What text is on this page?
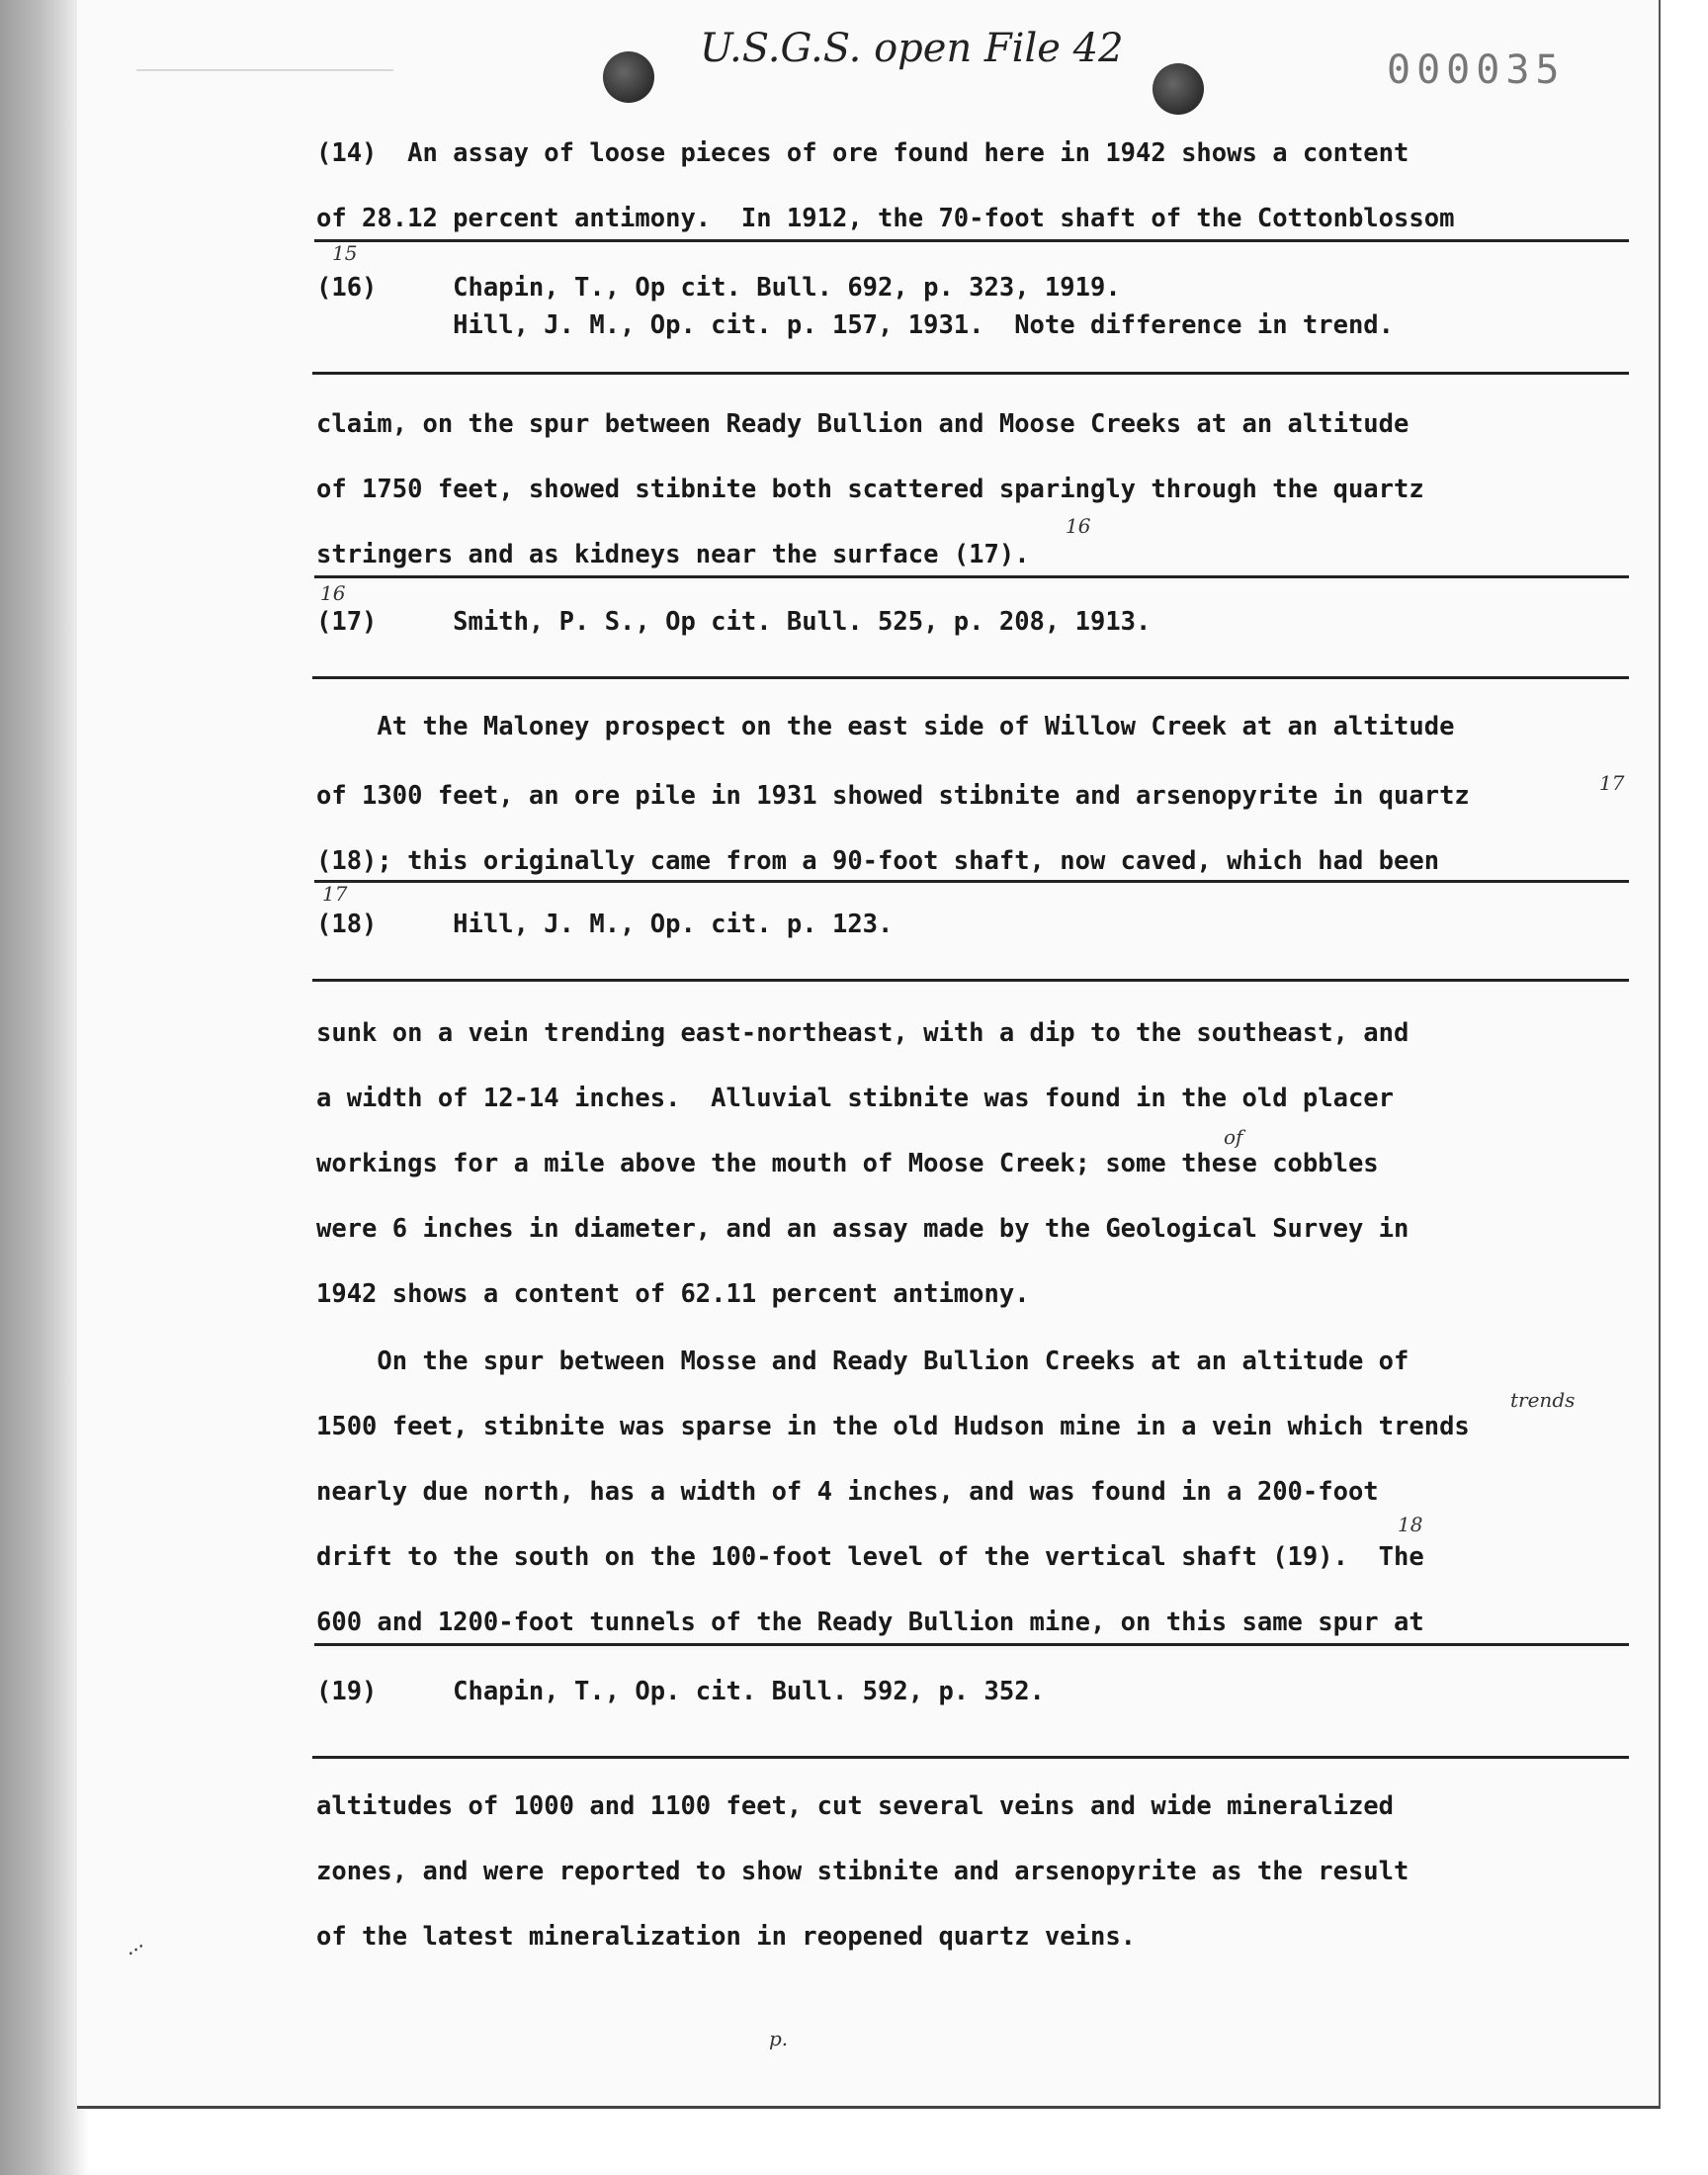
U.S.G.S. open File 42	000035
(14)  An assay of loose pieces of ore found here in 1942 shows a content
of 28.12 percent antimony.  In 1912, the 70-foot shaft of the Cottonblossom
(16)     Chapin, T., Op cit. Bull. 692, p. 323, 1919.
Hill, J. M., Op. cit. p. 157, 1931.  Note difference in trend.
claim, on the spur between Ready Bullion and Moose Creeks at an altitude
of 1750 feet, showed stibnite both scattered sparingly through the quartz
stringers and as kidneys near the surface (17).
(17)     Smith, P. S., Op cit. Bull. 525, p. 208, 1913.
At the Maloney prospect on the east side of Willow Creek at an altitude
of 1300 feet, an ore pile in 1931 showed stibnite and arsenopyrite in quartz
(18); this originally came from a 90-foot shaft, now caved, which had been
(18)     Hill, J. M., Op. cit. p. 123.
sunk on a vein trending east-northeast, with a dip to the southeast, and
a width of 12-14 inches.  Alluvial stibnite was found in the old placer
workings for a mile above the mouth of Moose Creek; some these cobbles
were 6 inches in diameter, and an assay made by the Geological Survey in
1942 shows a content of 62.11 percent antimony.
On the spur between Mosse and Ready Bullion Creeks at an altitude of
1500 feet, stibnite was sparse in the old Hudson mine in a vein which trends
nearly due north, has a width of 4 inches, and was found in a 200-foot
drift to the south on the 100-foot level of the vertical shaft (19).  The
600 and 1200-foot tunnels of the Ready Bullion mine, on this same spur at
(19)     Chapin, T., Op. cit. Bull. 592, p. 352.
altitudes of 1000 and 1100 feet, cut several veins and wide mineralized
zones, and were reported to show stibnite and arsenopyrite as the result
of the latest mineralization in reopened quartz veins.
15
16
16
17
17
of
trends
18
p.
···
